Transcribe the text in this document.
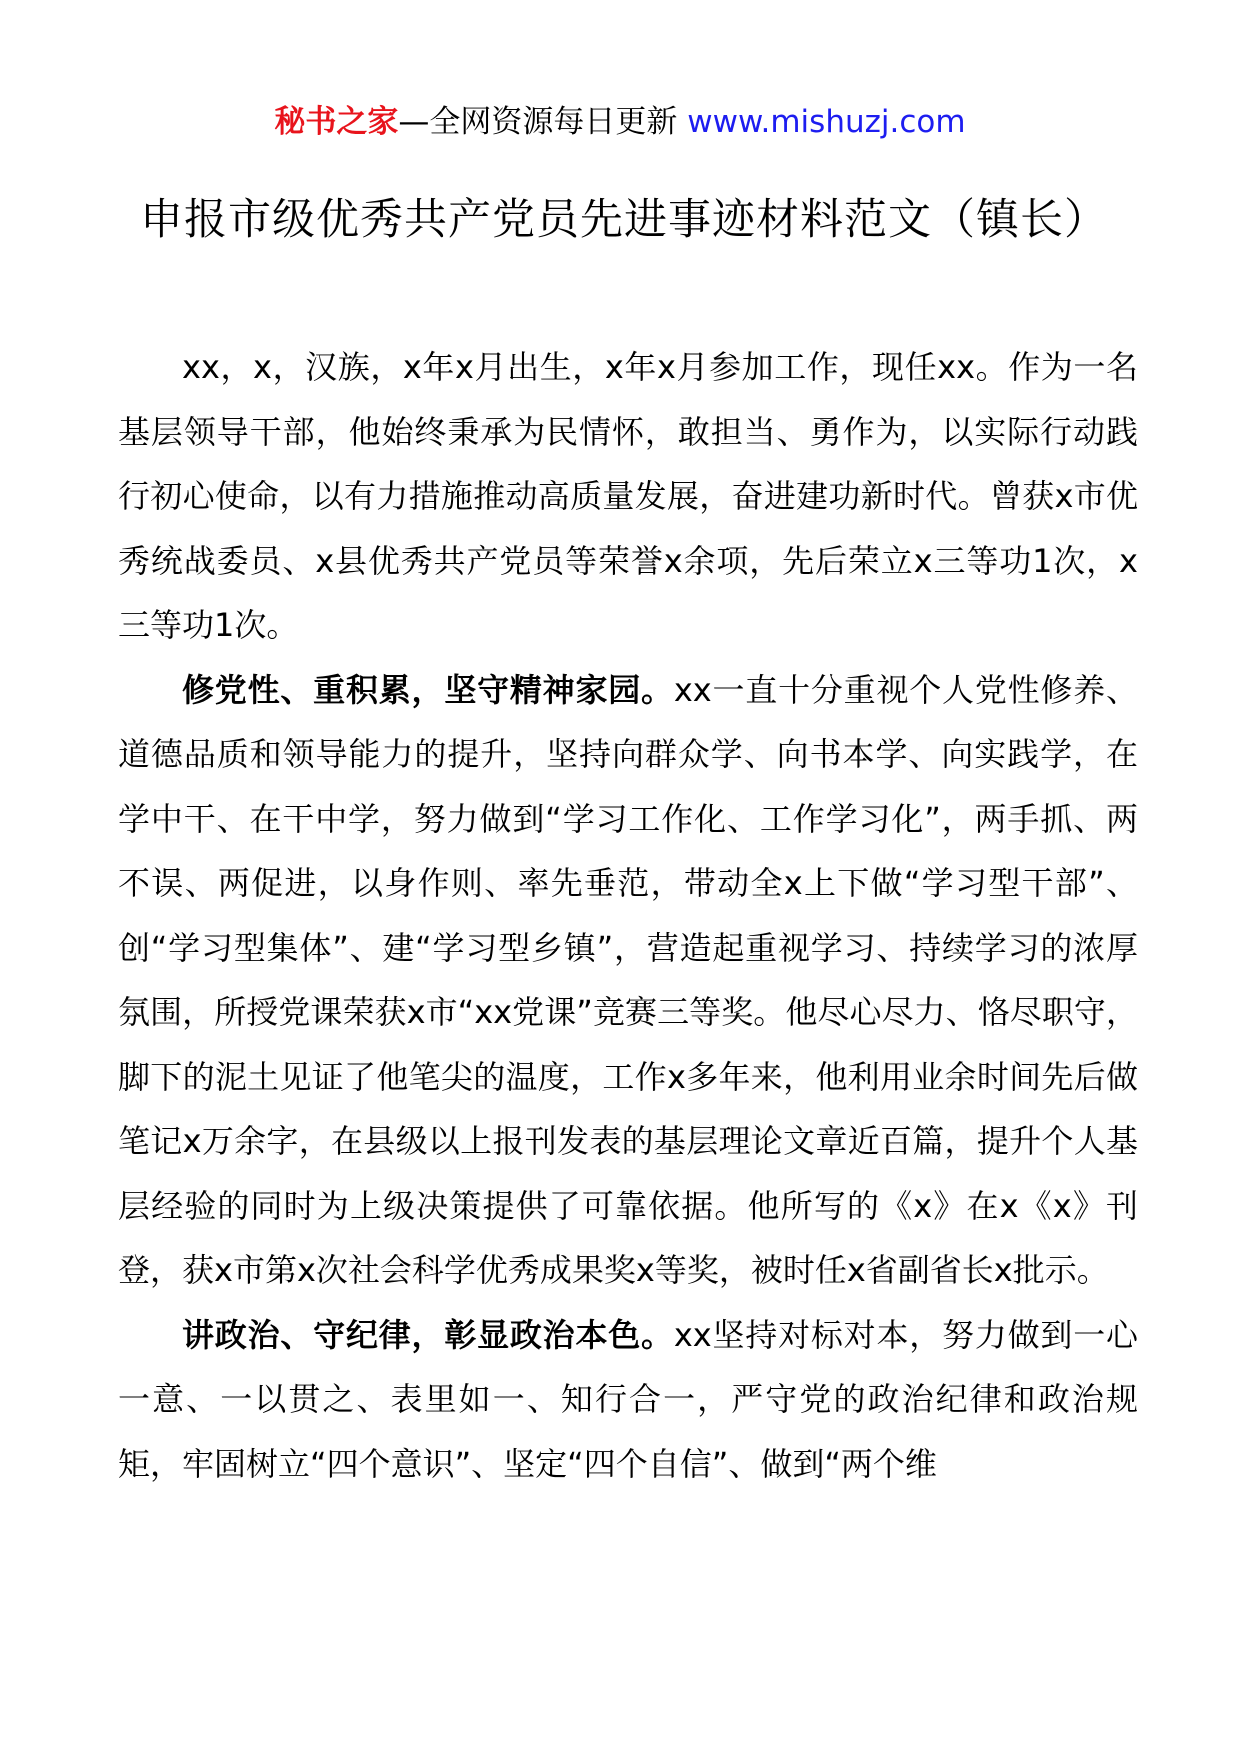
秘书之家—全网资源每日更新 www.mishuzj.com
申报市级优秀共产党员先进事迹材料范文（镇长）

xx，x，汉族，x年x月出生，x年x月参加工作，现任xx。作为一名基层领导干部，他始终秉承为民情怀，敢担当、勇作为，以实际行动践行初心使命，以有力措施推动高质量发展，奋进建功新时代。曾获x市优秀统战委员、x县优秀共产党员等荣誉x余项，先后荣立x三等功1次，x三等功1次。

修党性、重积累，坚守精神家园。xx一直十分重视个人党性修养、道德品质和领导能力的提升，坚持向群众学、向书本学、向实践学，在学中干、在干中学，努力做到“学习工作化、工作学习化”，两手抓、两不误、两促进，以身作则、率先垂范，带动全x上下做“学习型干部”、创“学习型集体”、建“学习型乡镇”，营造起重视学习、持续学习的浓厚氛围，所授党课荣获x市“xx党课”竞赛三等奖。他尽心尽力、恪尽职守，脚下的泥土见证了他笔尖的温度，工作x多年来，他利用业余时间先后做笔记x万余字，在县级以上报刊发表的基层理论文章近百篇，提升个人基层经验的同时为上级决策提供了可靠依据。他所写的《x》在x《x》刊登，获x市第x次社会科学优秀成果奖x等奖，被时任x省副省长x批示。

讲政治、守纪律，彰显政治本色。xx坚持对标对本，努力做到一心一意、一以贯之、表里如一、知行合一，严守党的政治纪律和政治规矩，牢固树立“四个意识”、坚定“四个自信”、做到“两个维
